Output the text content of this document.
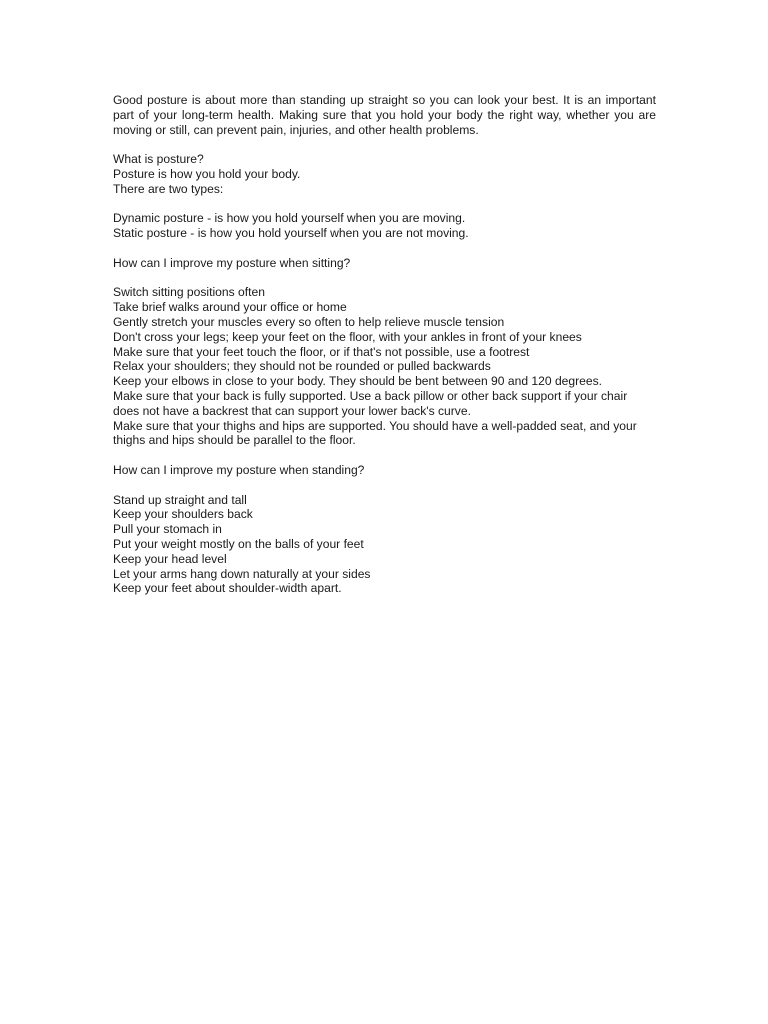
Good posture is about more than standing up straight so you can look your best. It is an important part of your long-term health. Making sure that you hold your body the right way, whether you are moving or still, can prevent pain, injuries, and other health problems.

What is posture?
Posture is how you hold your body.
There are two types:
Dynamic posture - is how you hold yourself when you are moving.
Static posture - is how you hold yourself when you are not moving.
How can I improve my posture when sitting?
Switch sitting positions often
Take brief walks around your office or home
Gently stretch your muscles every so often to help relieve muscle tension
Don't cross your legs; keep your feet on the floor, with your ankles in front of your knees
Make sure that your feet touch the floor, or if that's not possible, use a footrest
Relax your shoulders; they should not be rounded or pulled backwards
Keep your elbows in close to your body. They should be bent between 90 and 120 degrees.
Make sure that your back is fully supported. Use a back pillow or other back support if your chair does not have a backrest that can support your lower back's curve.
Make sure that your thighs and hips are supported. You should have a well-padded seat, and your thighs and hips should be parallel to the floor.
How can I improve my posture when standing?
Stand up straight and tall
Keep your shoulders back
Pull your stomach in
Put your weight mostly on the balls of your feet
Keep your head level
Let your arms hang down naturally at your sides
Keep your feet about shoulder-width apart.
